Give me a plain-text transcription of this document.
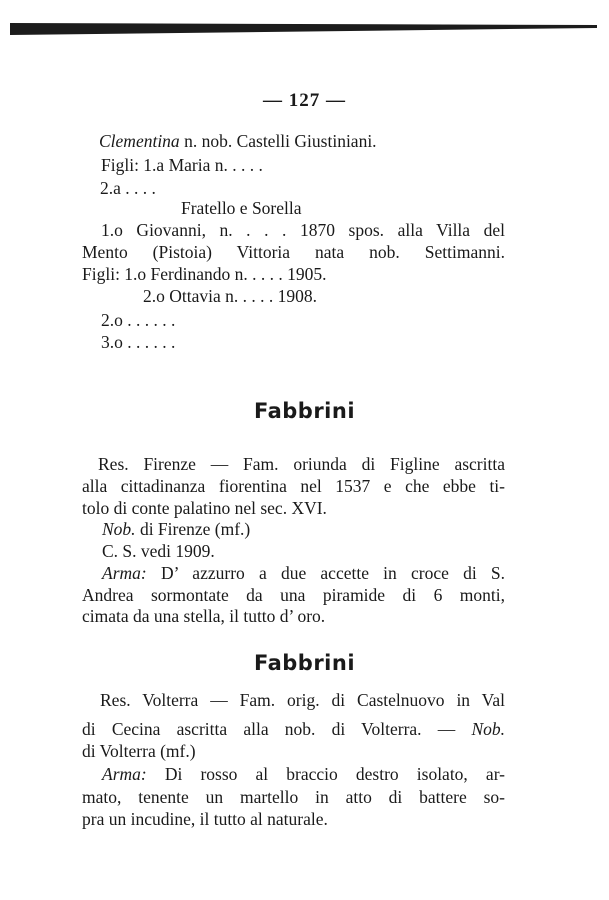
— 127 —
Clementina n. nob. Castelli Giustiniani.
Figli: 1.a Maria n. . . . .
2.a . . . .
Fratello e Sorella
1.o Giovanni, n. . . . 1870 spos. alla Villa del
Mento (Pistoia) Vittoria nata nob. Settimanni.
Figli: 1.o Ferdinando n. . . . . 1905.
2.o Ottavia n. . . . . 1908.
2.o . . . . . .
3.o . . . . . .
Fabbrini
Res. Firenze — Fam. oriunda di Figline ascritta
alla cittadinanza fiorentina nel 1537 e che ebbe ti-
tolo di conte palatino nel sec. XVI.
Nob. di Firenze (mf.)
C. S. vedi 1909.
Arma: D’ azzurro a due accette in croce di S.
Andrea sormontate da una piramide di 6 monti,
cimata da una stella, il tutto d’ oro.
Fabbrini
Res. Volterra — Fam. orig. di Castelnuovo in Val
di Cecina ascritta alla nob. di Volterra. — Nob.
di Volterra (mf.)
Arma: Di rosso al braccio destro isolato, ar-
mato, tenente un martello in atto di battere so-
pra un incudine, il tutto al naturale.
